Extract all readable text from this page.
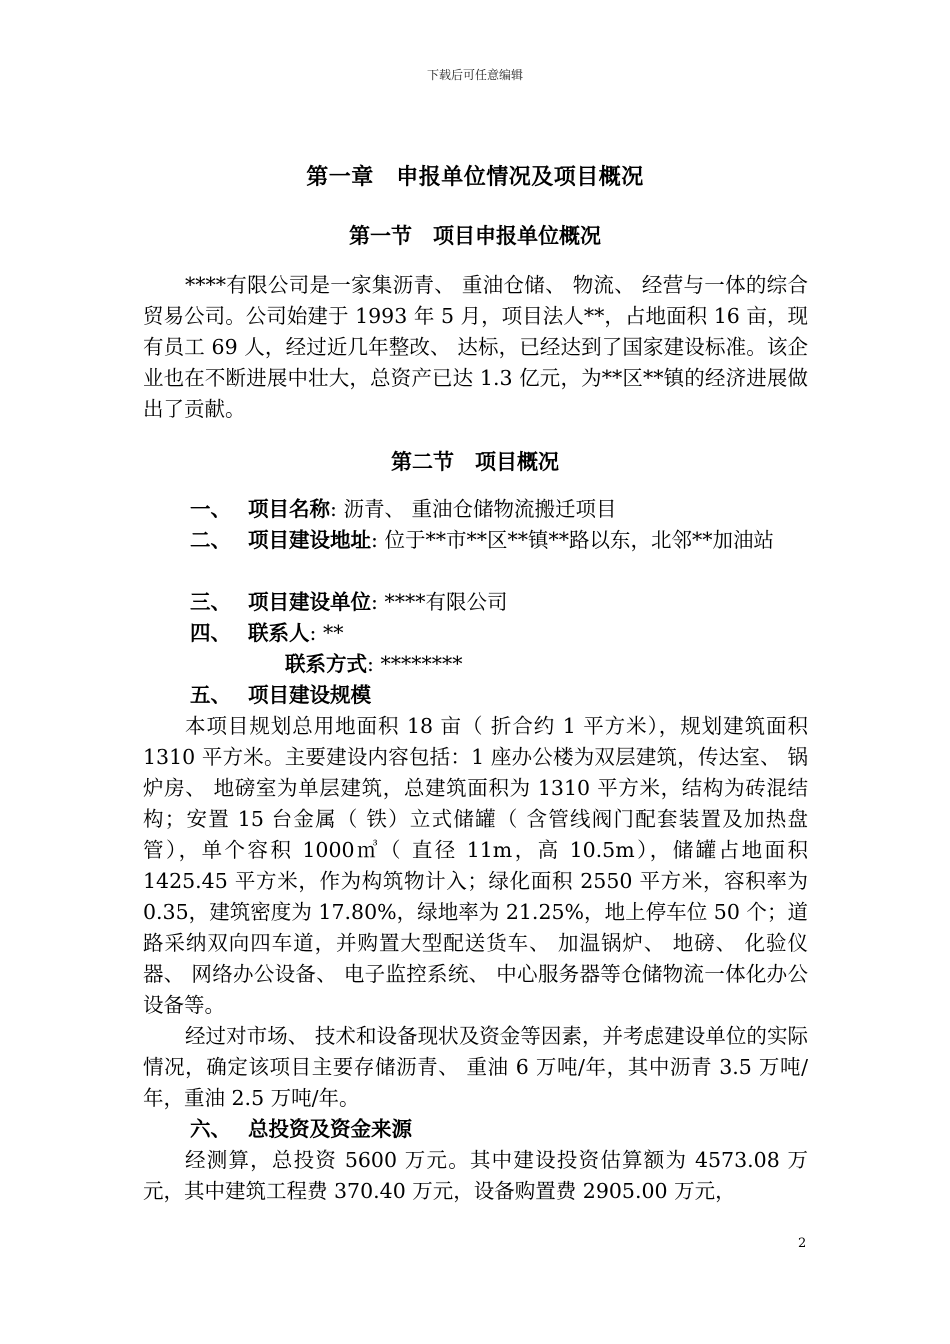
下载后可任意编辑
第一章　申报单位情况及项目概况
第一节　项目申报单位概况

****有限公司是一家集沥青、 重油仓储、 物流、 经营与一体的综合贸易公司。公司始建于 1993 年 5 月，项目法人**，占地面积 16 亩，现有员工 69 人，经过近几年整改、 达标，已经达到了国家建设标准。该企业也在不断进展中壮大，总资产已达 1.3 亿元，为**区**镇的经济进展做出了贡献。

第二节　项目概况

一、 项目名称: 沥青、 重油仓储物流搬迁项目

二、 项目建设地址: 位于**市**区**镇**路以东，北邻**加油站

三、 项目建设单位: ****有限公司

四、 联系人: **

联系方式: ********

五、 项目建设规模

本项目规划总用地面积 18 亩（ 折合约 1 平方米），规划建筑面积 1310 平方米。主要建设内容包括：1 座办公楼为双层建筑，传达室、 锅炉房、 地磅室为单层建筑，总建筑面积为 1310 平方米，结构为砖混结构；安置 15 台金属（ 铁）立式储罐（ 含管线阀门配套装置及加热盘管），单个容积 1000㎥（ 直径 11m，高 10.5m），储罐占地面积 1425.45 平方米，作为构筑物计入；绿化面积 2550 平方米，容积率为 0.35，建筑密度为 17.80%，绿地率为 21.25%，地上停车位 50 个；道路采纳双向四车道，并购置大型配送货车、 加温锅炉、 地磅、 化验仪器、 网络办公设备、 电子监控系统、 中心服务器等仓储物流一体化办公设备等。

经过对市场、 技术和设备现状及资金等因素，并考虑建设单位的实际情况，确定该项目主要存储沥青、 重油 6 万吨/年，其中沥青 3.5 万吨/年，重油 2.5 万吨/年。

六、 总投资及资金来源

经测算，总投资 5600 万元。其中建设投资估算额为 4573.08 万元，其中建筑工程费 370.40 万元，设备购置费 2905.00 万元，

2
